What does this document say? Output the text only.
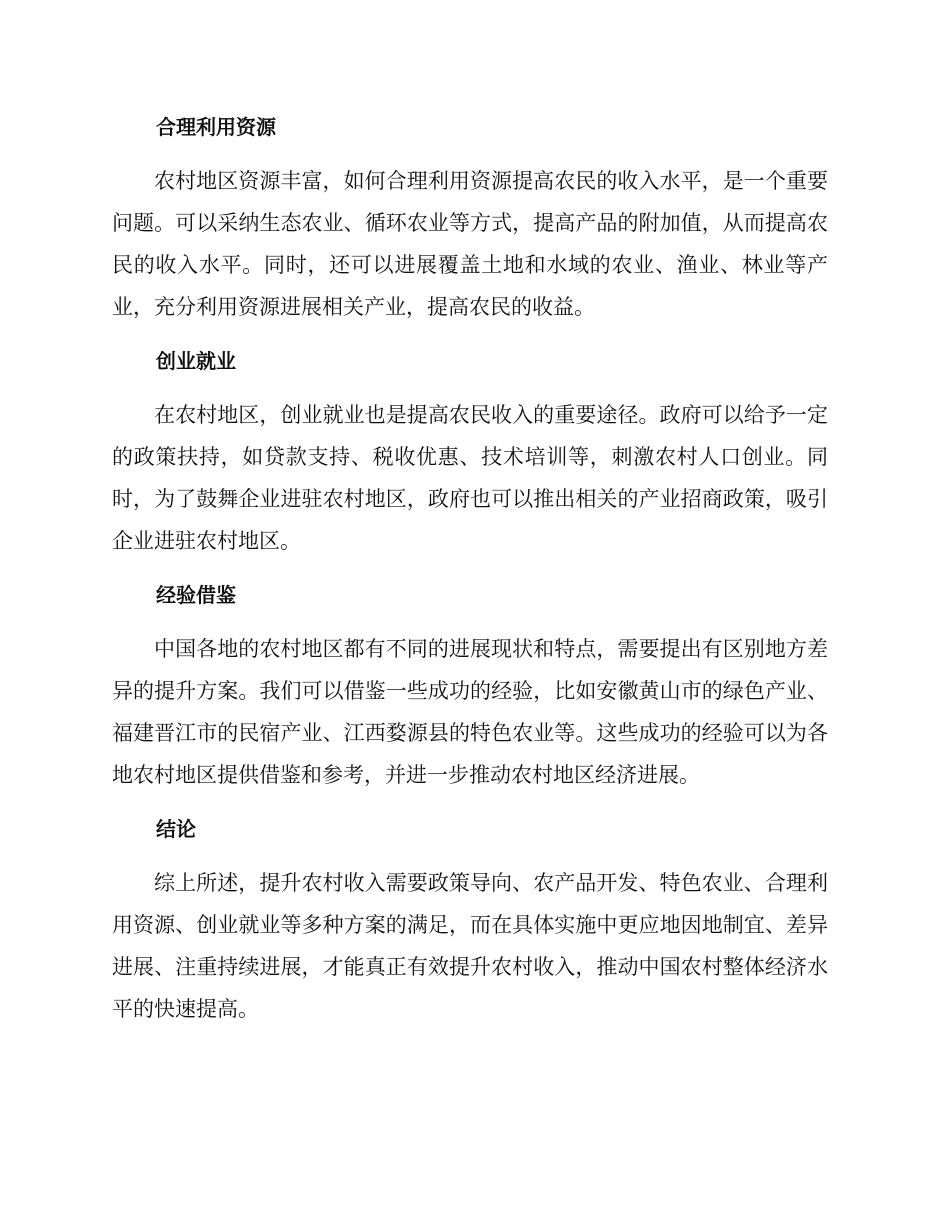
合理利用资源

农村地区资源丰富，如何合理利用资源提高农民的收入水平，是一个重要问题。可以采纳生态农业、循环农业等方式，提高产品的附加值，从而提高农民的收入水平。同时，还可以进展覆盖土地和水域的农业、渔业、林业等产业，充分利用资源进展相关产业，提高农民的收益。

创业就业

在农村地区，创业就业也是提高农民收入的重要途径。政府可以给予一定的政策扶持，如贷款支持、税收优惠、技术培训等，刺激农村人口创业。同时，为了鼓舞企业进驻农村地区，政府也可以推出相关的产业招商政策，吸引企业进驻农村地区。

经验借鉴

中国各地的农村地区都有不同的进展现状和特点，需要提出有区别地方差异的提升方案。我们可以借鉴一些成功的经验，比如安徽黄山市的绿色产业、福建晋江市的民宿产业、江西婺源县的特色农业等。这些成功的经验可以为各地农村地区提供借鉴和参考，并进一步推动农村地区经济进展。

结论

综上所述，提升农村收入需要政策导向、农产品开发、特色农业、合理利用资源、创业就业等多种方案的满足，而在具体实施中更应地因地制宜、差异进展、注重持续进展，才能真正有效提升农村收入，推动中国农村整体经济水平的快速提高。
